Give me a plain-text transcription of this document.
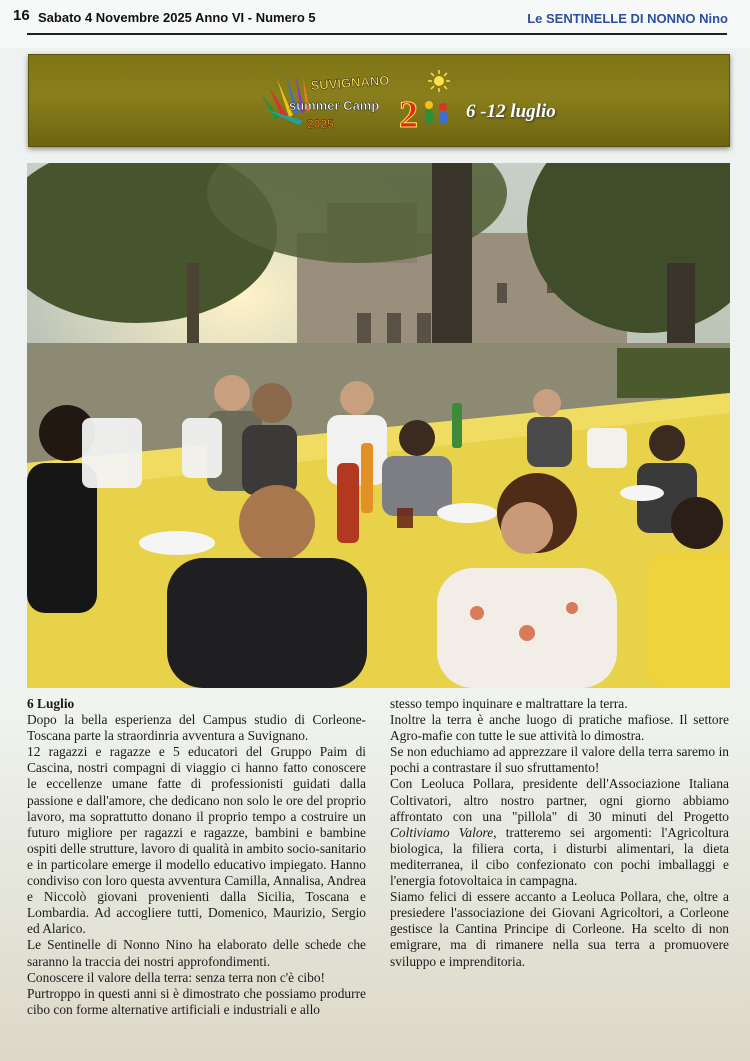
16 Sabato 4 Novembre 2025 Anno VI - Numero 5	Le SENTINELLE DI NONNO Nino
SUVIGNANO
summer Camp
2025 2	6 -12 luglio

6 Luglio

Dopo la bella esperienza del Campus studio di Corleone-Toscana parte la straordinria avventura a Suvignano.

12 ragazzi e ragazze e 5 educatori del Gruppo Paim di Cascina, nostri compagni di viaggio ci hanno fatto conoscere le eccellenze umane fatte di professionisti guidati dalla passione e dall'amore, che dedicano non solo le ore del proprio lavoro, ma soprattutto donano il proprio tempo a costruire un futuro migliore per ragazzi e ragazze, bambini e bambine ospiti delle strutture, lavoro di qualità in ambito socio-sanitario e in particolare emerge il modello educativo impiegato. Hanno condiviso con loro questa avventura Camilla, Annalisa, Andrea e Niccolò giovani provenienti dalla Sicilia, Toscana e Lombardia. Ad accogliere tutti, Domenico, Maurizio, Sergio ed Alarico.

Le Sentinelle di Nonno Nino ha elaborato delle schede che saranno la traccia dei nostri approfondimenti.

Conoscere il valore della terra: senza terra non c'è cibo!

Purtroppo in questi anni si è dimostrato che possiamo produrre cibo con forme alternative artificiali e industriali e allo

stesso tempo inquinare e maltrattare la terra.

Inoltre la terra è anche luogo di pratiche mafiose. Il settore Agro-mafie con tutte le sue attività lo dimostra.

Se non educhiamo ad apprezzare il valore della terra saremo in pochi a contrastare il suo sfruttamento!

Con Leoluca Pollara, presidente dell'Associazione Italiana Coltivatori, altro nostro partner, ogni giorno abbiamo affrontato con una "pillola" di 30 minuti del Progetto Coltiviamo Valore, tratteremo sei argomenti: l'Agricoltura biologica, la filiera corta, i disturbi alimentari, la dieta mediterranea, il cibo confezionato con pochi imballaggi e l'energia fotovoltaica in campagna.

Siamo felici di essere accanto a Leoluca Pollara, che, oltre a presiedere l'associazione dei Giovani Agricoltori, a Corleone gestisce la Cantina Principe di Corleone. Ha scelto di non emigrare, ma di rimanere nella sua terra a promuovere sviluppo e imprenditoria.
